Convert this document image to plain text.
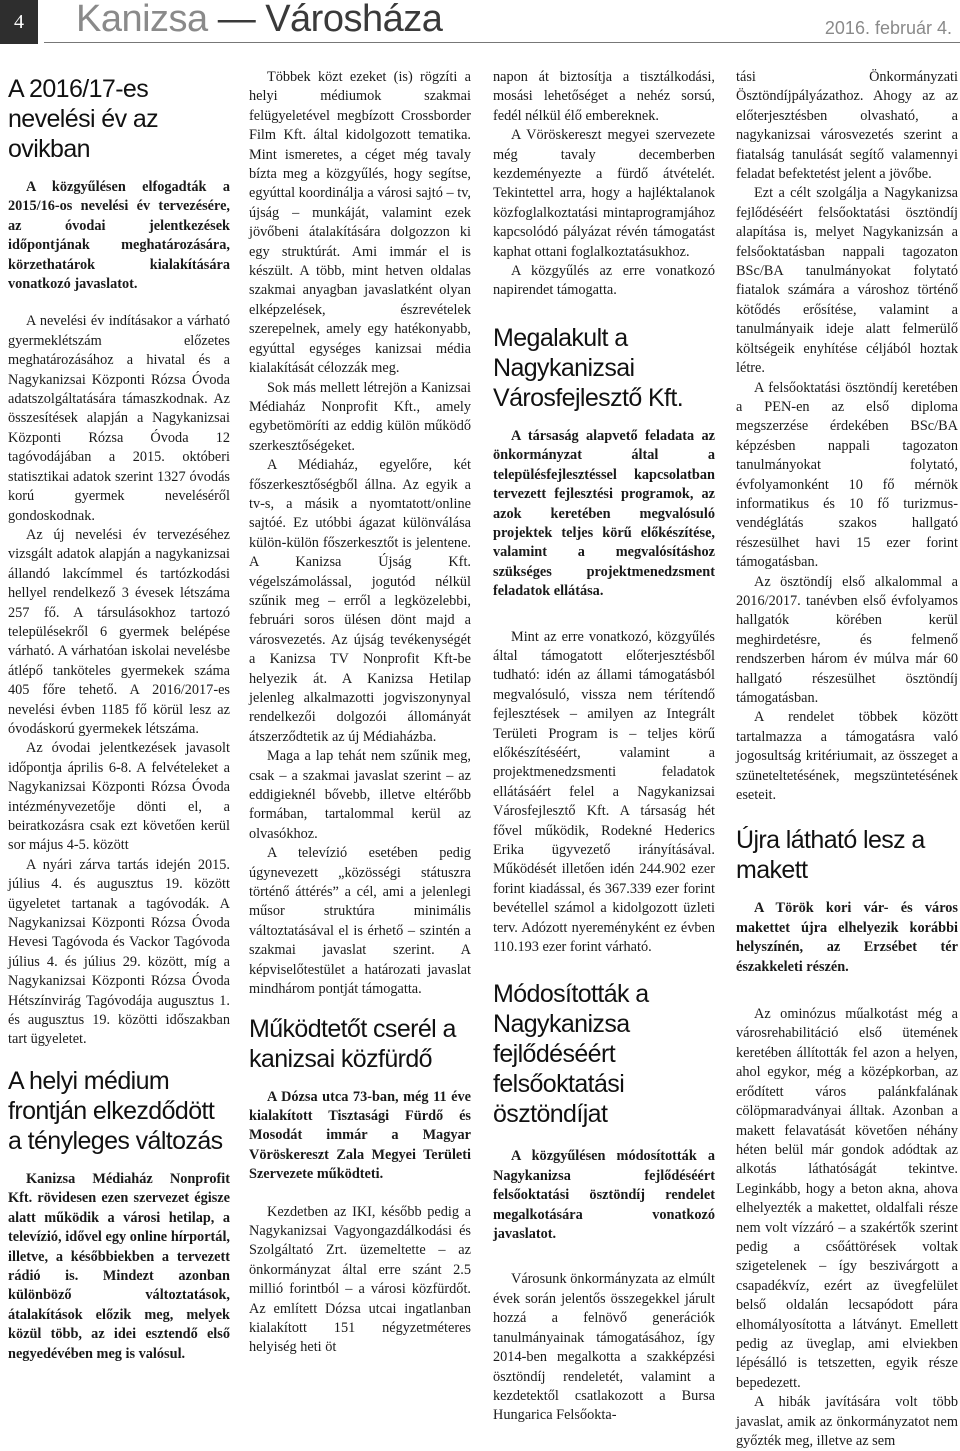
4	Kanizsa — Városháza	2016. február 4.
A 2016/17-es nevelési év az ovikban

A közgyűlésen elfogadták a 2015/16-os nevelési év tervezésére, az óvodai jelentkezések időpontjának meghatározására, körzethatárok kialakítására vonatkozó javaslatot.

A nevelési év indításakor a várható gyermeklétszám előzetes meghatározásához a hivatal és a Nagykanizsai Központi Rózsa Óvoda adatszolgáltatására támaszkodnak. Az összesítések alapján a Nagykanizsai Központi Rózsa Óvoda 12 tagóvodájában a 2015. októberi statisztikai adatok szerint 1327 óvodás korú gyermek neveléséről gondoskodnak.

Az új nevelési év tervezéséhez vizsgált adatok alapján a nagykanizsai állandó lakcímmel és tartózkodási hellyel rendelkező 3 évesek létszáma 257 fő. A társulásokhoz tartozó településekről 6 gyermek belépése várható. A várhatóan iskolai nevelésbe átlépő tanköteles gyermekek száma 405 főre tehető. A 2016/2017-es nevelési évben 1185 fő körül lesz az óvodáskorú gyermekek létszáma.

Az óvodai jelentkezések javasolt időpontja április 6-8. A felvételeket a Nagykanizsai Központi Rózsa Óvoda intézményvezetője dönti el, a beiratkozásra csak ezt követően kerül sor május 4-5. között

A nyári zárva tartás idején 2015. július 4. és augusztus 19. között ügyeletet tartanak a tagóvodák. A Nagykanizsai Központi Rózsa Óvoda Hevesi Tagóvoda és Vackor Tagóvoda július 4. és július 29. között, míg a Nagykanizsai Központi Rózsa Óvoda Hétszínvirág Tagóvodája augusztus 1. és augusztus 19. közötti időszakban tart ügyeletet.

A helyi médium frontján elkezdődött a tényleges változás

Kanizsa Médiaház Nonprofit Kft. rövidesen ezen szervezet égisze alatt működik a városi hetilap, a televízió, idővel egy online hírportál, illetve, a későbbiekben a tervezett rádió is. Mindezt azonban különböző változtatások, átalakítások előzik meg, melyek közül több, az idei esztendő első negyedévében meg is valósul.

Többek közt ezeket (is) rögzíti a helyi médiumok szakmai felügyeletével megbízott Crossborder Film Kft. által kidolgozott tematika. Mint ismeretes, a céget még tavaly bízta meg a közgyűlés, hogy segítse, egyúttal koordinálja a városi sajtó – tv, újság – munkáját, valamint ezek jövőbeni átalakítására dolgozzon ki egy struktúrát. Ami immár el is készült. A több, mint hetven oldalas szakmai anyagban javaslatként olyan elképzelések, észrevételek szerepelnek, amely egy hatékonyabb, egyúttal egységes kanizsai média kialakítását célozzák meg.

Sok más mellett létrejön a Kanizsai Médiaház Nonprofit Kft., amely egybetömöríti az eddig külön működő szerkesztőségeket.

A Médiaház, egyelőre, két főszerkesztőségből állna. Az egyik a tv-s, a másik a nyomtatott/online sajtóé. Ez utóbbi ágazat különválása külön-külön főszerkesztőt is jelentene. A Kanizsa Újság Kft. végelszámolással, jogutód nélkül szűnik meg – erről a legközelebbi, februári soros ülésen dönt majd a városvezetés. Az újság tevékenységét a Kanizsa TV Nonprofit Kft-be helyezik át. A Kanizsa Hetilap jelenleg alkalmazotti jogviszonynyal rendelkezői dolgozói állományát átszerződtetik az új Médiaházba.

Maga a lap tehát nem szűnik meg, csak – a szakmai javaslat szerint – az eddigieknél bővebb, illetve eltérőbb formában, tartalommal kerül az olvasókhoz.

A televízió esetében pedig úgynevezett „közösségi státuszra történő áttérés” a cél, ami a jelenlegi műsor struktúra minimális változtatásával el is érhető – szintén a szakmai javaslat szerint. A képviselőtestület a határozati javaslat mindhárom pontját támogatta.

Működtetőt cserél a kanizsai közfürdő

A Dózsa utca 73-ban, még 11 éve kialakított Tisztasági Fürdő és Mosodát immár a Magyar Vöröskereszt Zala Megyei Területi Szervezete működteti.

Kezdetben az IKI, később pedig a Nagykanizsai Vagyongazdálkodási és Szolgáltató Zrt. üzemeltette – az önkormányzat által erre szánt 2.5 millió forintból – a városi közfürdőt. Az említett Dózsa utcai ingatlanban kialakított 151 négyzetméteres helyiség heti öt

napon át biztosítja a tisztálkodási, mosási lehetőséget a nehéz sorsú, fedél nélkül élő embereknek.

A Vöröskereszt megyei szervezete még tavaly decemberben kezdeményezte a fürdő átvételét. Tekintettel arra, hogy a hajléktalanok közfoglalkoztatási mintaprogramjához kapcsolódó pályázat révén támogatást kaphat ottani foglalkoztatásukhoz.

A közgyűlés az erre vonatkozó napirendet támogatta.

Megalakult a Nagykanizsai Városfejlesztő Kft.

A társaság alapvető feladata az önkormányzat által a településfejlesztéssel kapcsolatban tervezett fejlesztési programok, az azok keretében megvalósuló projektek teljes körű előkészítése, valamint a megvalósításhoz szükséges projektmenedzsment feladatok ellátása.

Mint az erre vonatkozó, közgyűlés által támogatott előterjesztésből tudható: idén az állami támogatásból megvalósuló, vissza nem térítendő fejlesztések – amilyen az Integrált Területi Program is – teljes körű előkészítéséért, valamint a projektmenedzsmenti feladatok ellátásáért felel a Nagykanizsai Városfejlesztő Kft. A társaság hét fővel működik, Rodekné Hederics Erika ügyvezető irányításával. Működését illetően idén 244.902 ezer forint kiadással, és 367.339 ezer forint bevétellel számol a kidolgozott üzleti terv. Adózott nyereményként ez évben 110.193 ezer forint várható.

Módosították a Nagykanizsa fejlődéséért felsőoktatási ösztöndíjat

A közgyűlésen módosították a Nagykanizsa fejlődéséért felsőoktatási ösztöndíj rendelet megalkotására vonatkozó javaslatot.

Városunk önkormányzata az elmúlt évek során jelentős összegekkel járult hozzá a felnövő generációk tanulmányainak támogatásához, így 2014-ben megalkotta a szakképzési ösztöndíj rendeletét, valamint a kezdetektől csatlakozott a Bursa Hungarica Felsőokta-

tási Önkormányzati Ösztöndíjpályázathoz. Ahogy az az előterjesztésben olvasható, a nagykanizsai városvezetés szerint a fiatalság tanulását segítő valamennyi feladat befektetést jelent a jövőbe.

Ezt a célt szolgálja a Nagykanizsa fejlődéséért felsőoktatási ösztöndíj alapítása is, melyet Nagykanizsán a felsőoktatásban nappali tagozaton BSc/BA tanulmányokat folytató fiatalok számára a városhoz történő kötődés erősítése, valamint a tanulmányaik ideje alatt felmerülő költségeik enyhítése céljából hoztak létre.

A felsőoktatási ösztöndíj keretében a PEN-en az első diploma megszerzése érdekében BSc/BA képzésben nappali tagozaton tanulmányokat folytató, évfolyamonként 10 fő mérnök informatikus és 10 fő turizmus- vendéglátás szakos hallgató részesülhet havi 15 ezer forint támogatásban.

Az ösztöndíj első alkalommal a 2016/2017. tanévben első évfolyamos hallgatók körében kerül meghirdetésre, és felmenő rendszerben három év múlva már 60 hallgató részesülhet ösztöndíj támogatásban.

A rendelet többek között tartalmazza a támogatásra való jogosultság kritériumait, az összeget a szüneteltetésének, megszüntetésének eseteit.

Újra látható lesz a makett

A Török kori vár- és város makettet újra elhelyezik korábbi helyszínén, az Erzsébet tér északkeleti részén.

Az ominózus műalkotást még a városrehabilitáció első ütemének keretében állították fel azon a helyen, ahol egykor, még a középkorban, az erődített város palánkfalának cölöpmaradványai álltak. Azonban a makett felavatását követően néhány héten belül már gondok adódtak az alkotás láthatóságát tekintve. Leginkább, hogy a beton akna, ahova elhelyezték a makettet, oldalfali része nem volt vízzáró – a szakértők szerint pedig a csőáttörések voltak szigetelenek – így beszivárgott a csapadékvíz, ezért az üvegfelület belső oldalán lecsapódott pára elhomályosította a látványt. Emellett pedig az üveglap, ami elviekben lépésálló is tetszetten, egyik része bepedezett.

A hibák javítására volt több javaslat, amik az önkormányzatot nem győzték meg, illetve az sem
